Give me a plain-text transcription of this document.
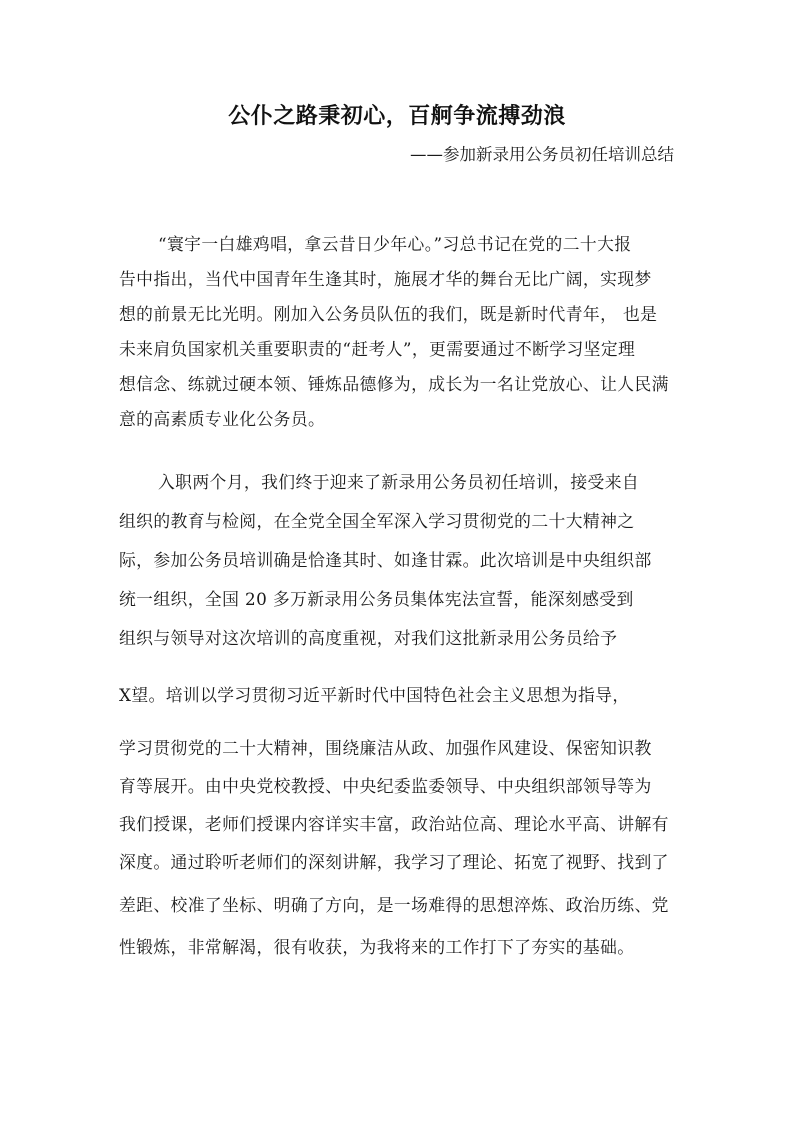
公仆之路秉初心，百舸争流搏劲浪
——参加新录用公务员初任培训总结
“寰宇一白雄鸡唱，拿云昔日少年心。”习总书记在党的二十大报
告中指出，当代中国青年生逢其时，施展才华的舞台无比广阔，实现梦
想的前景无比光明。刚加入公务员队伍的我们，既是新时代青年， 也是
未来肩负国家机关重要职责的“赶考人”，更需要通过不断学习坚定理
想信念、练就过硬本领、锤炼品德修为，成长为一名让党放心、让人民满
意的高素质专业化公务员。
入职两个月，我们终于迎来了新录用公务员初任培训，接受来自
组织的教育与检阅，在全党全国全军深入学习贯彻党的二十大精神之
际，参加公务员培训确是恰逢其时、如逢甘霖。此次培训是中央组织部
统一组织，全国 20 多万新录用公务员集体宪法宣誓，能深刻感受到
组织与领导对这次培训的高度重视，对我们这批新录用公务员给予
X望。培训以学习贯彻习近平新时代中国特色社会主义思想为指导，
学习贯彻党的二十大精神，围绕廉洁从政、加强作风建设、保密知识教
育等展开。由中央党校教授、中央纪委监委领导、中央组织部领导等为
我们授课，老师们授课内容详实丰富，政治站位高、理论水平高、讲解有
深度。通过聆听老师们的深刻讲解，我学习了理论、拓宽了视野、找到了
差距、校准了坐标、明确了方向，是一场难得的思想淬炼、政治历练、党
性锻炼，非常解渴，很有收获，为我将来的工作打下了夯实的基础。
